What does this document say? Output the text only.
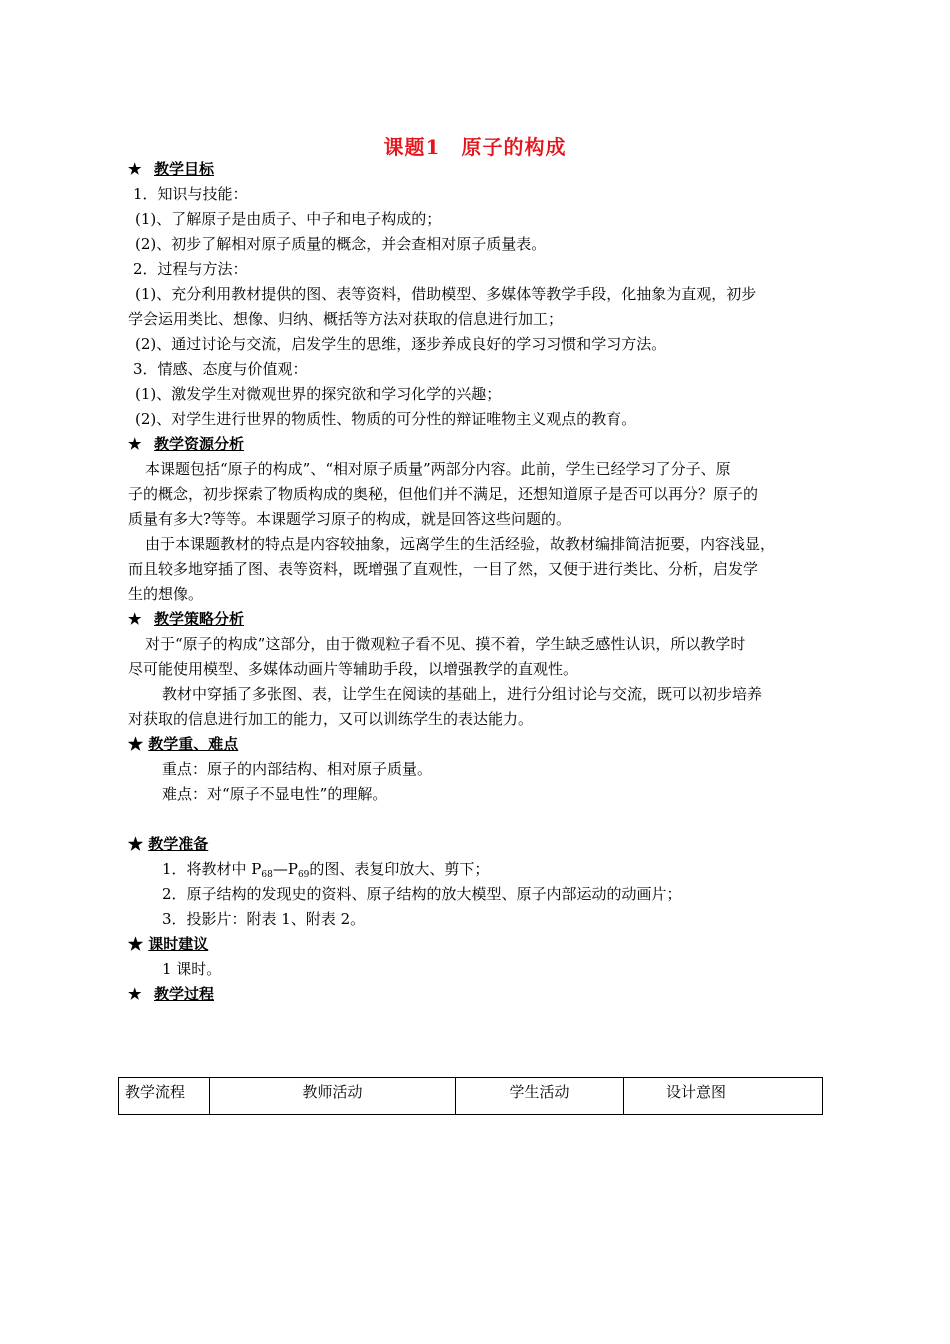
课题1　原子的构成
★ 教学目标
1．知识与技能：
(1)、了解原子是由质子、中子和电子构成的；
(2)、初步了解相对原子质量的概念，并会查相对原子质量表。
2．过程与方法：
(1)、充分利用教材提供的图、表等资料，借助模型、多媒体等教学手段，化抽象为直观，初步
学会运用类比、想像、归纳、概括等方法对获取的信息进行加工；
(2)、通过讨论与交流，启发学生的思维，逐步养成良好的学习习惯和学习方法。
3．情感、态度与价值观：
(1)、激发学生对微观世界的探究欲和学习化学的兴趣；
(2)、对学生进行世界的物质性、物质的可分性的辩证唯物主义观点的教育。
★ 教学资源分析
本课题包括“原子的构成”、“相对原子质量”两部分内容。此前，学生已经学习了分子、原
子的概念，初步探索了物质构成的奥秘，但他们并不满足，还想知道原子是否可以再分？原子的
质量有多大?等等。本课题学习原子的构成，就是回答这些问题的。
由于本课题教材的特点是内容较抽象，远离学生的生活经验，故教材编排简洁扼要，内容浅显，
而且较多地穿插了图、表等资料，既增强了直观性，一目了然，又便于进行类比、分析，启发学
生的想像。
★ 教学策略分析
对于“原子的构成”这部分，由于微观粒子看不见、摸不着，学生缺乏感性认识，所以教学时
尽可能使用模型、多媒体动画片等辅助手段，以增强教学的直观性。
教材中穿插了多张图、表，让学生在阅读的基础上，进行分组讨论与交流，既可以初步培养
对获取的信息进行加工的能力，又可以训练学生的表达能力。
★ 教学重、难点
重点：原子的内部结构、相对原子质量。
难点：对“原子不显电性”的理解。
★ 教学准备
1．将教材中 $P_{68}—P_{69}$的图、表复印放大、剪下；
2．原子结构的发现史的资料、原子结构的放大模型、原子内部运动的动画片；
3．投影片：附表 1、附表 2。
★ 课时建议
1 课时。
★ 教学过程
教学流程	教师活动	学生活动	设计意图
